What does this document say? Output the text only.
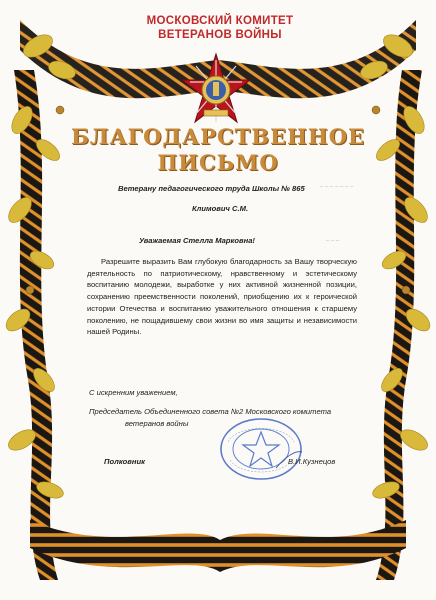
МОСКОВСКИЙ КОМИТЕТ
ВЕТЕРАНОВ ВОЙНЫ
БЛАГОДАРСТВЕННОЕ
ПИСЬМО
Ветерану педагогического труда Школы № 865
Климович С.М.
– – – – – – –
– – –
Уважаемая Стелла Марковна!
Разрешите выразить Вам глубокую благодарность за Вашу творческую
деятельность по патриотическому, нравственному и эстетическому
воспитанию молодежи, выработке у них активной жизненной позиции,
сохранению преемственности поколений, приобщению их к героической
истории Отечества и воспитанию уважительного отношения к старшему
поколению, не пощадившему свои жизни во имя защиты и независимости
нашей Родины.
С искренним уважением,
Председатель Объединенного совета №2 Московского комитета
ветеранов войны
Полковник	В.И.Кузнецов
